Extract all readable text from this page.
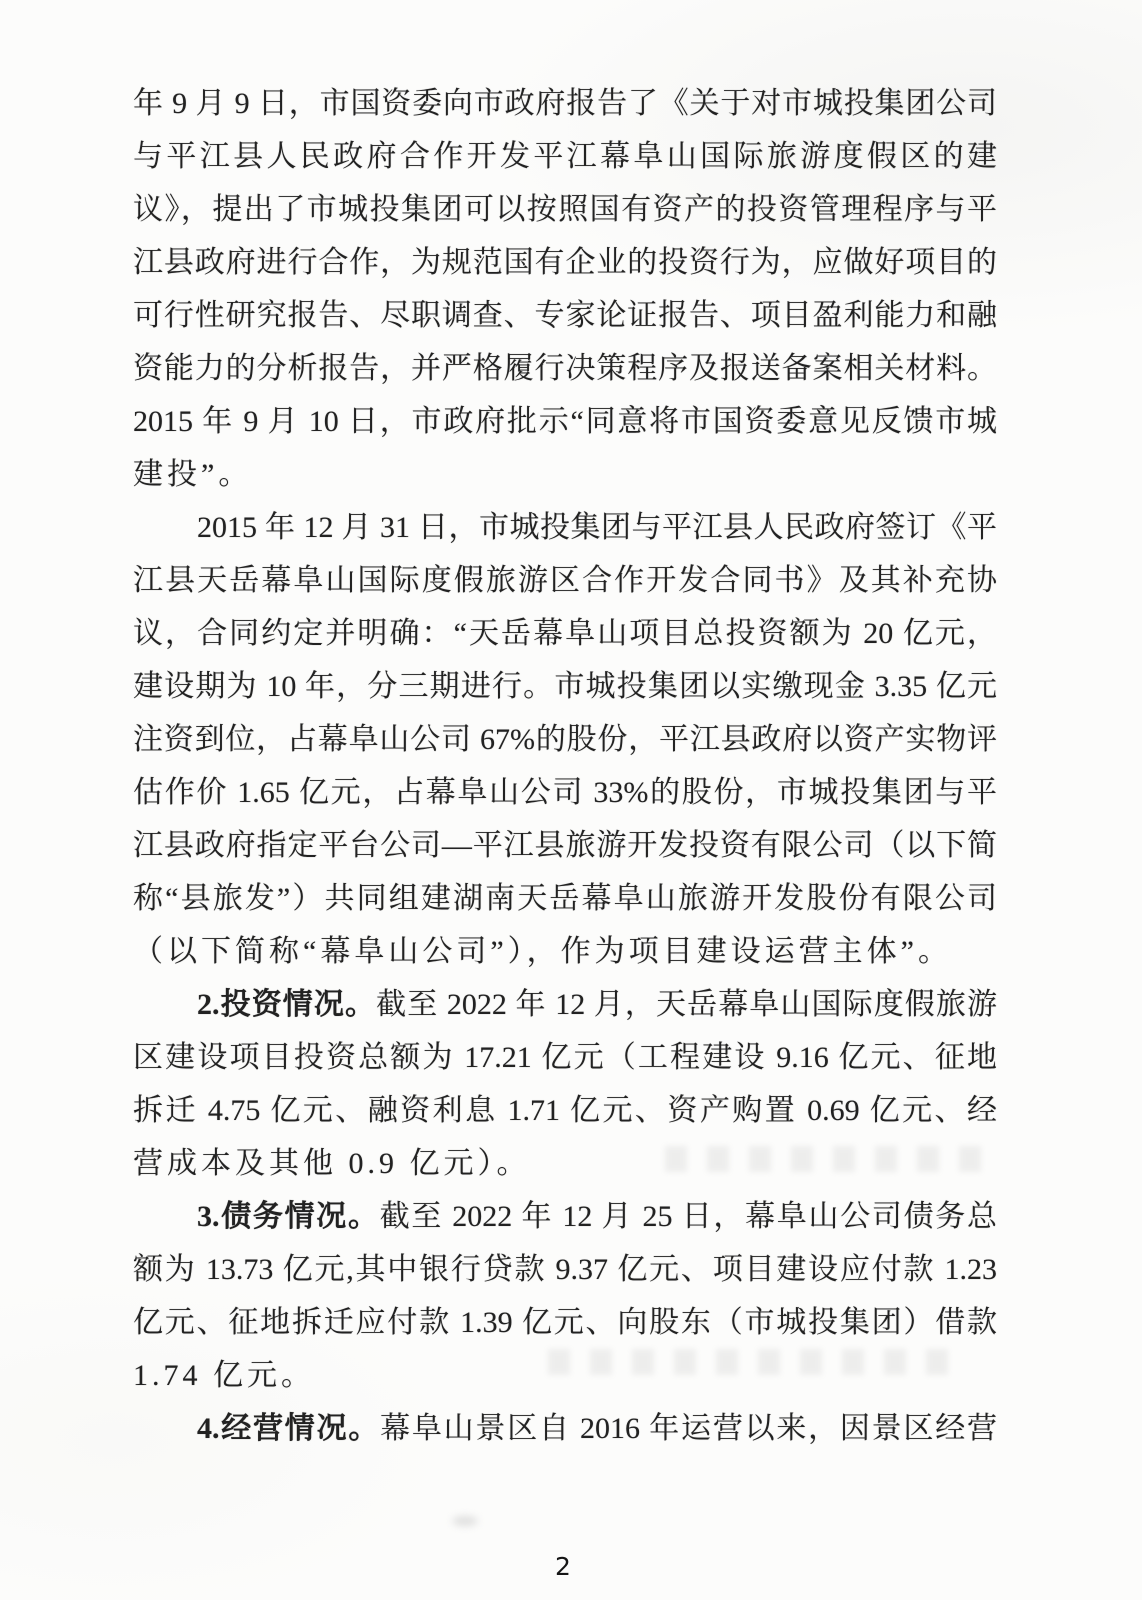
年 9 月 9 日，市国资委向市政府报告了《关于对市城投集团公司
与平江县人民政府合作开发平江幕阜山国际旅游度假区的建
议》，提出了市城投集团可以按照国有资产的投资管理程序与平
江县政府进行合作，为规范国有企业的投资行为，应做好项目的
可行性研究报告、尽职调查、专家论证报告、项目盈利能力和融
资能力的分析报告，并严格履行决策程序及报送备案相关材料。
2015 年 9 月 10 日，市政府批示“同意将市国资委意见反馈市城
建投”。
2015 年 12 月 31 日，市城投集团与平江县人民政府签订《平
江县天岳幕阜山国际度假旅游区合作开发合同书》及其补充协
议，合同约定并明确：“天岳幕阜山项目总投资额为 20 亿元，
建设期为 10 年，分三期进行。市城投集团以实缴现金 3.35 亿元
注资到位，占幕阜山公司 67%的股份，平江县政府以资产实物评
估作价 1.65 亿元，占幕阜山公司 33%的股份，市城投集团与平
江县政府指定平台公司—平江县旅游开发投资有限公司（以下简
称“县旅发”）共同组建湖南天岳幕阜山旅游开发股份有限公司
（以下简称“幕阜山公司”），作为项目建设运营主体”。
2.投资情况。截至 2022 年 12 月，天岳幕阜山国际度假旅游
区建设项目投资总额为 17.21 亿元（工程建设 9.16 亿元、征地
拆迁 4.75 亿元、融资利息 1.71 亿元、资产购置 0.69 亿元、经
营成本及其他 0.9 亿元）。
3.债务情况。截至 2022 年 12 月 25 日，幕阜山公司债务总
额为 13.73 亿元,其中银行贷款 9.37 亿元、项目建设应付款 1.23
亿元、征地拆迁应付款 1.39 亿元、向股东（市城投集团）借款
1.74 亿元。
4.经营情况。幕阜山景区自 2016 年运营以来，因景区经营
2
